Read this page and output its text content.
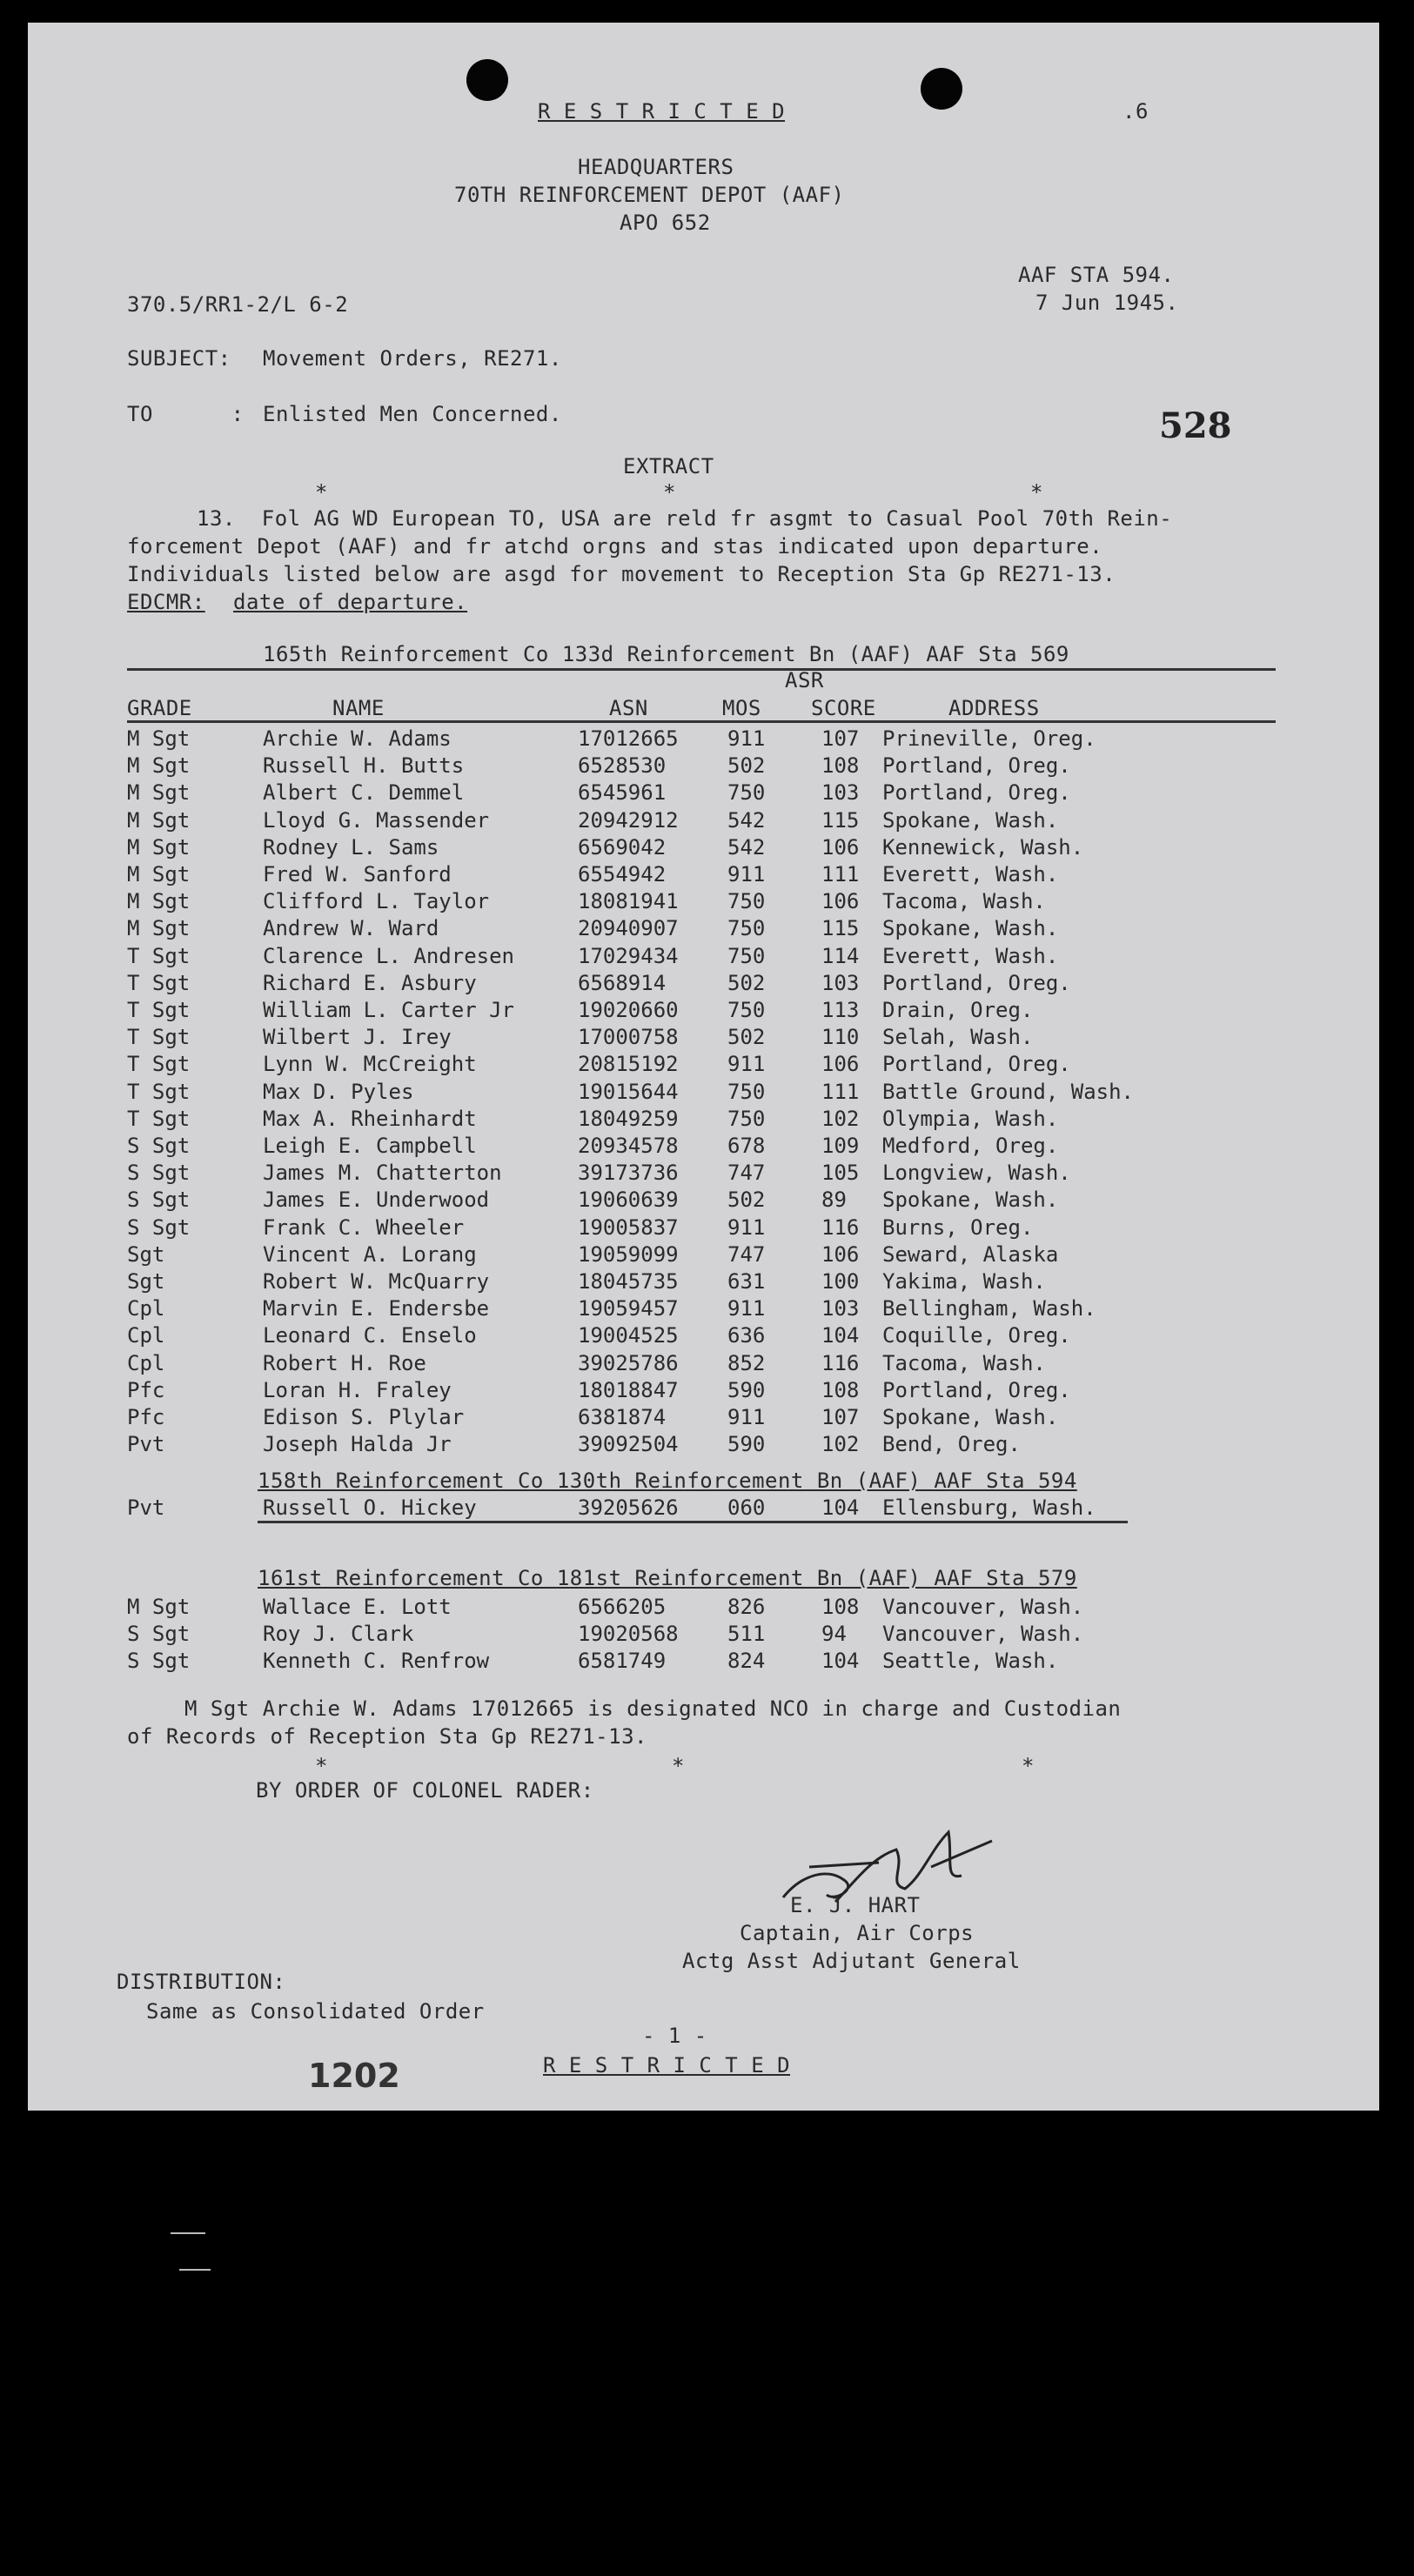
R E S T R I C T E D	.6
HEADQUARTERS
70TH REINFORCEMENT DEPOT (AAF)
APO 652
AAF STA 594.
7 Jun 1945.
370.5/RR1-2/L 6-2
SUBJECT: Movement Orders, RE271.
TO      : Enlisted Men Concerned.	528
EXTRACT
*	*	*
13.  Fol AG WD European TO, USA are reld fr asgmt to Casual Pool 70th Rein-
forcement Depot (AAF) and fr atchd orgns and stas indicated upon departure.
Individuals listed below are asgd for movement to Reception Sta Gp RE271-13.
EDCMR: date of departure.
165th Reinforcement Co 133d Reinforcement Bn (AAF) AAF Sta 569
ASR
GRADE	NAME	ASN	MOS SCORE	ADDRESS
M Sgt	Archie W. Adams	17012665 911	107 Prineville, Oreg.
M Sgt	Russell H. Butts	6528530	502	108 Portland, Oreg.
M Sgt	Albert C. Demmel	6545961	750	103 Portland, Oreg.
M Sgt	Lloyd G. Massender	20942912 542	115 Spokane, Wash.
M Sgt	Rodney L. Sams	6569042	542	106 Kennewick, Wash.
M Sgt	Fred W. Sanford	6554942	911	111 Everett, Wash.
M Sgt	Clifford L. Taylor	18081941 750	106 Tacoma, Wash.
M Sgt	Andrew W. Ward	20940907 750	115 Spokane, Wash.
T Sgt	Clarence L. Andresen	17029434 750	114 Everett, Wash.
T Sgt	Richard E. Asbury	6568914	502	103 Portland, Oreg.
T Sgt	William L. Carter Jr	19020660 750	113 Drain, Oreg.
T Sgt	Wilbert J. Irey	17000758 502	110 Selah, Wash.
T Sgt	Lynn W. McCreight	20815192 911	106 Portland, Oreg.
T Sgt	Max D. Pyles	19015644 750	111 Battle Ground, Wash.
T Sgt	Max A. Rheinhardt	18049259 750	102 Olympia, Wash.
S Sgt	Leigh E. Campbell	20934578 678	109 Medford, Oreg.
S Sgt	James M. Chatterton	39173736 747	105 Longview, Wash.
S Sgt	James E. Underwood	19060639 502	89 Spokane, Wash.
S Sgt	Frank C. Wheeler	19005837 911	116 Burns, Oreg.
Sgt	Vincent A. Lorang	19059099 747	106 Seward, Alaska
Sgt	Robert W. McQuarry	18045735 631	100 Yakima, Wash.
Cpl	Marvin E. Endersbe	19059457 911	103 Bellingham, Wash.
Cpl	Leonard C. Enselo	19004525 636	104 Coquille, Oreg.
Cpl	Robert H. Roe	39025786 852	116 Tacoma, Wash.
Pfc	Loran H. Fraley	18018847 590	108 Portland, Oreg.
Pfc	Edison S. Plylar	6381874	911	107 Spokane, Wash.
Pvt	Joseph Halda Jr	39092504 590	102 Bend, Oreg.
158th Reinforcement Co 130th Reinforcement Bn (AAF) AAF Sta 594
Pvt	Russell O. Hickey	39205626 060	104 Ellensburg, Wash.
161st Reinforcement Co 181st Reinforcement Bn (AAF) AAF Sta 579
M Sgt	Wallace E. Lott	6566205	826	108 Vancouver, Wash.
S Sgt	Roy J. Clark	19020568 511	94 Vancouver, Wash.
S Sgt	Kenneth C. Renfrow	6581749	824	104 Seattle, Wash.
M Sgt Archie W. Adams 17012665 is designated NCO in charge and Custodian
of Records of Reception Sta Gp RE271-13.
*	*	*
BY ORDER OF COLONEL RADER:
E. J. HART
Captain, Air Corps
Actg Asst Adjutant General
DISTRIBUTION:
Same as Consolidated Order
- 1 -
R E S T R I C T E D
1202
